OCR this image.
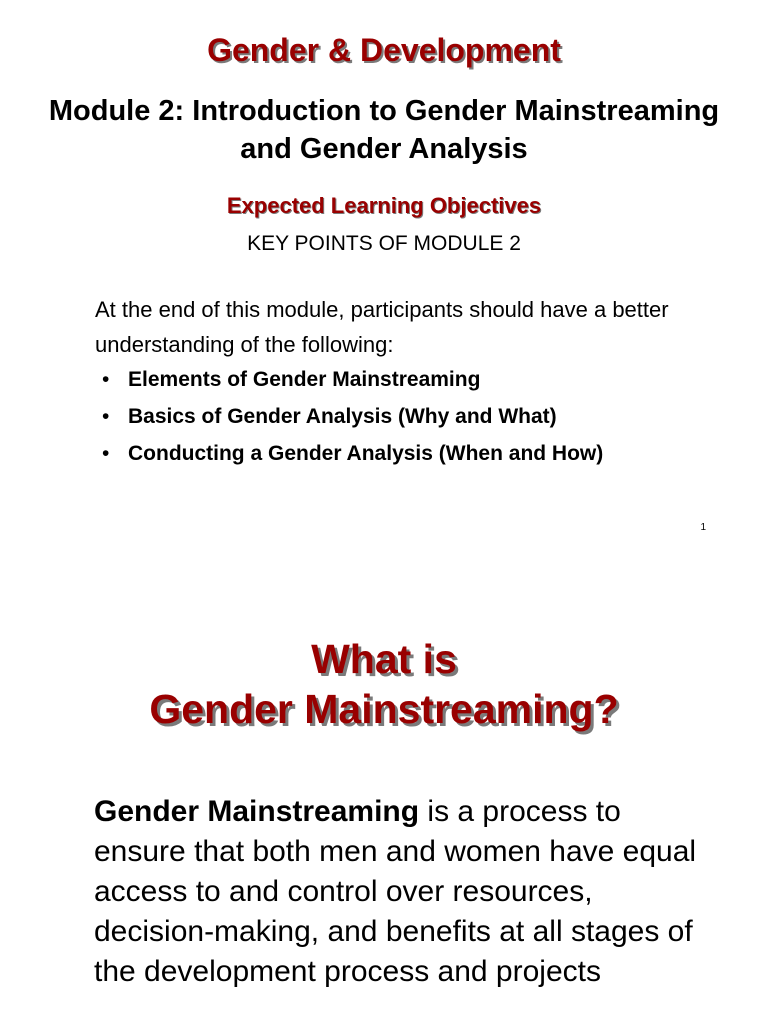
Gender & Development
Module 2: Introduction to Gender Mainstreaming and Gender Analysis
Expected Learning Objectives
KEY POINTS OF MODULE 2
At the end of this module, participants should have a better understanding of the following:
• Elements of Gender Mainstreaming
• Basics of Gender Analysis (Why and What)
• Conducting a Gender Analysis (When and How)
1
What is
Gender Mainstreaming?
Gender Mainstreaming is a process to ensure that both men and women have equal access to and control over resources, decision-making, and benefits at all stages of the development process and projects
